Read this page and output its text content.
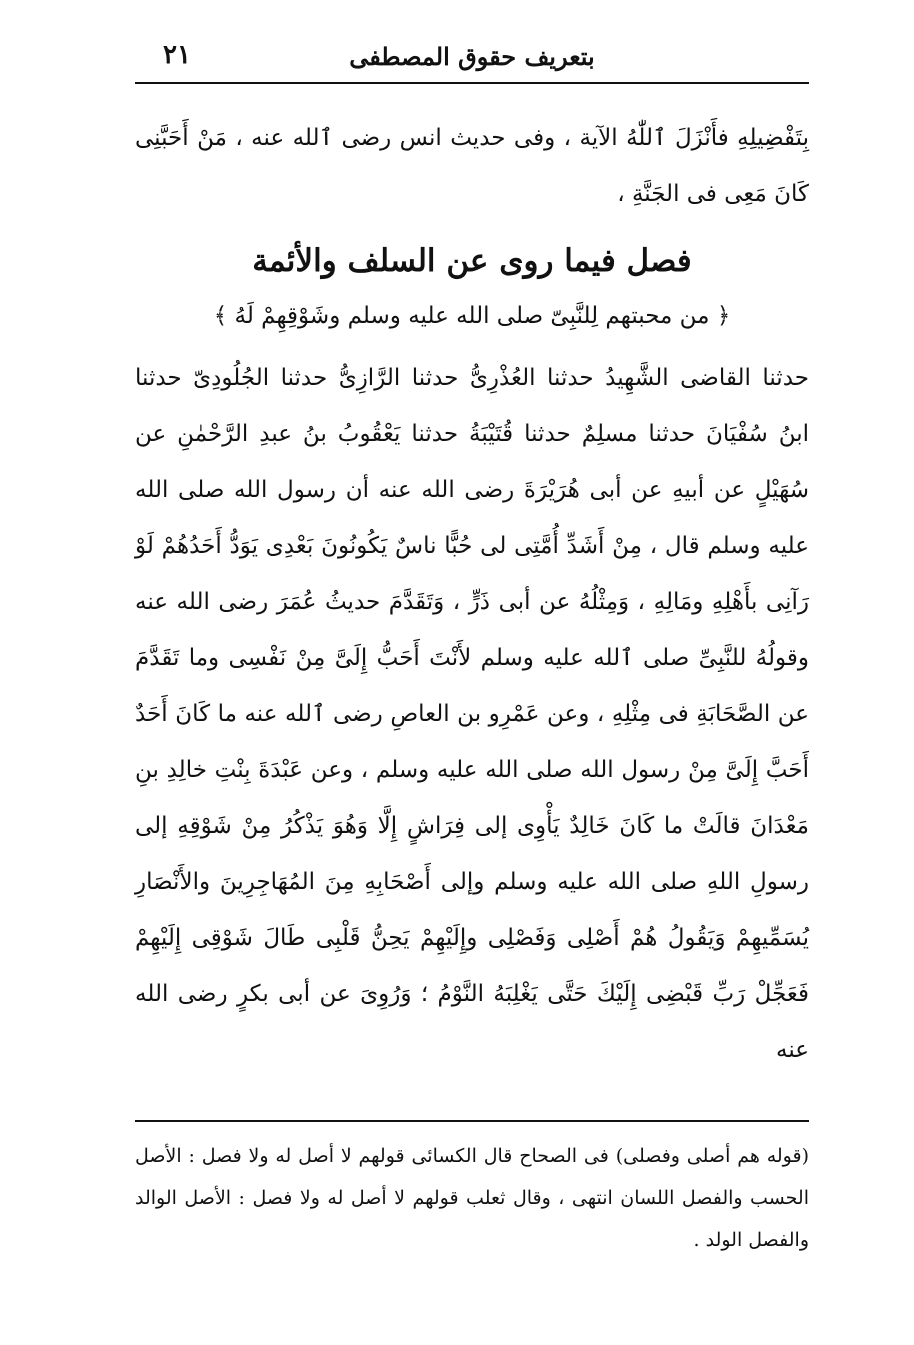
بتعريف حقوق المصطفى
٢١

بِتَفْضِيلِهِ فأَنْزَلَ ٱللّٰهُ الآية ، وفى حديث انس رضى ٱلله عنه ، مَنْ أَحَبَّنِى كَانَ مَعِى فى الجَنَّةِ ،

فصل فيما روى عن السلف والأئمة
﴿ من محبتهم لِلنَّبِىّ صلى الله عليه وسلم وشَوْقِهِمْ لَهُ ﴾

حدثنا القاضى الشَّهِيدُ حدثنا العُذْرِىُّ حدثنا الرَّازِىُّ حدثنا الجُلُودِىّ حدثنا ابنُ سُفْيَانَ حدثنا مسلِمٌ حدثنا قُتَيْبَةُ حدثنا يَعْقُوبُ بنُ عبدِ الرَّحْمٰنِ عن سُهَيْلٍ عن أبيهِ عن أبى هُرَيْرَةَ رضى الله عنه أن رسول الله صلى الله عليه وسلم قال ، مِنْ أَشَدِّ أُمَّتِى لى حُبًّا ناسٌ يَكُونُونَ بَعْدِى يَوَدُّ أَحَدُهُمْ لَوْ رَآنِى بأَهْلِهِ ومَالِهِ ، وَمِثْلُهُ عن أبى ذَرٍّ ، وَتَقَدَّمَ حديثُ عُمَرَ رضى الله عنه وقولُهُ للنَّبِىِّ صلى ٱلله عليه وسلم لأَنْتَ أَحَبُّ إِلَىَّ مِنْ نَفْسِى وما تَقَدَّمَ عن الصَّحَابَةِ فى مِثْلِهِ ، وعن عَمْرِو بن العاصِ رضى ٱلله عنه ما كَانَ أَحَدٌ أَحَبَّ إِلَىَّ مِنْ رسول الله صلى الله عليه وسلم ، وعن عَبْدَةَ بِنْتِ خالِدِ بنِ مَعْدَانَ قالَتْ ما كَانَ خَالِدٌ يَأْوِى إلى فِرَاشٍ إِلَّا وَهُوَ يَذْكُرُ مِنْ شَوْقِهِ إلى رسولِ اللهِ صلى الله عليه وسلم وإلى أَصْحَابِهِ مِنَ المُهَاجِرِينَ والأَنْصَارِ يُسَمِّيهِمْ وَيَقُولُ هُمْ أَصْلِى وَفَصْلِى وإِلَيْهِمْ يَحِنُّ قَلْبِى طَالَ شَوْقِى إِلَيْهِمْ فَعَجِّلْ رَبِّ قَبْضِى إِلَيْكَ حَتَّى يَغْلِبَهُ النَّوْمُ ؛ وَرُوِىَ عن أبى بكرٍ رضى الله عنه

(قوله هم أصلى وفصلى) فى الصحاح قال الكسائى قولهم لا أصل له ولا فصل : الأصل الحسب والفصل اللسان انتهى ، وقال ثعلب قولهم لا أصل له ولا فصل : الأصل الوالد والفصل الولد .
